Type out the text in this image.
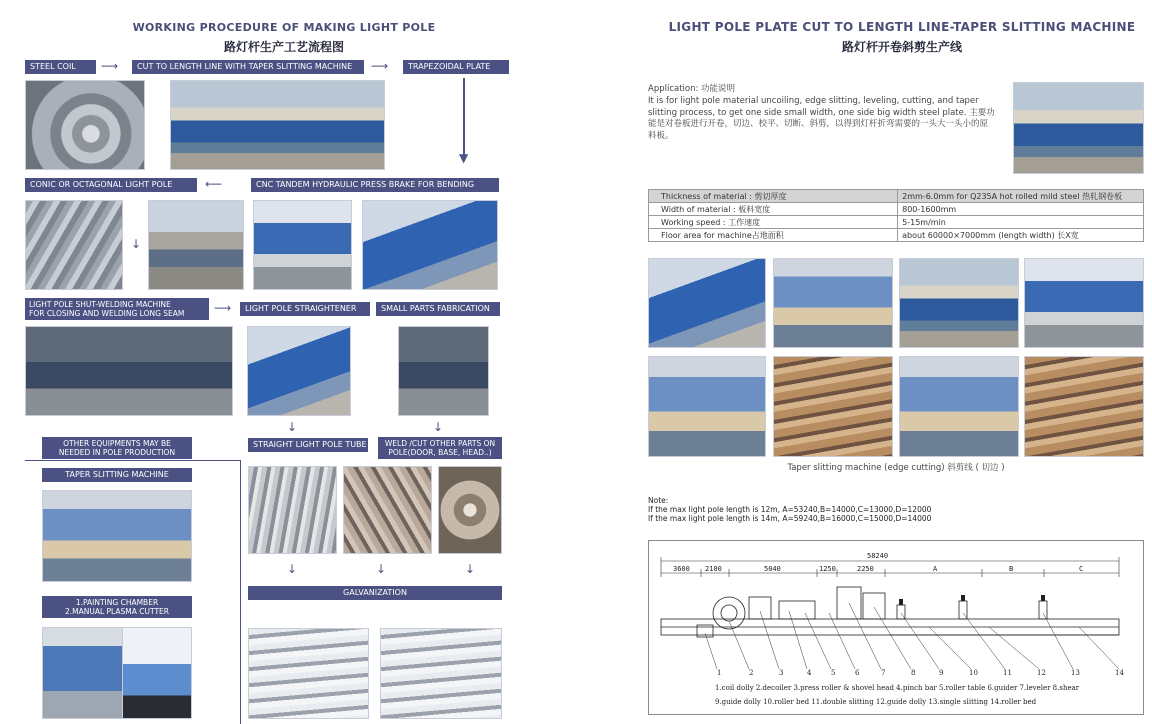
WORKING PROCEDURE OF MAKING LIGHT POLE
路灯杆生产工艺流程图
STEEL COIL	⟶	CUT TO LENGTH LINE WITH TAPER SLITTING MACHINE	⟶	TRAPEZOIDAL PLATE
▼
CONIC OR OCTAGONAL LIGHT POLE	⟵	CNC TANDEM HYDRAULIC PRESS BRAKE FOR BENDING
↓
LIGHT POLE SHUT-WELDING MACHINE
FOR CLOSING AND WELDING LONG SEAM	⟶	LIGHT POLE STRAIGHTENER	SMALL PARTS FABRICATION
↓	↓
OTHER EQUIPMENTS MAY BE
NEEDED IN POLE PRODUCTION
STRAIGHT LIGHT POLE TUBE	WELD /CUT OTHER PARTS ON
POLE(DOOR, BASE, HEAD..)
TAPER SLITTING MACHINE
1.PAINTING CHAMBER
2.MANUAL PLASMA CUTTER
↓	↓	↓
GALVANIZATION
LIGHT POLE PLATE CUT TO LENGTH LINE-TAPER SLITTING MACHINE
路灯杆开卷斜剪生产线
Application: 功能说明
It is for light pole material uncoiling, edge slitting, leveling, cutting, and taper
slitting process, to get one side small width, one side big width steel plate. 主要功
能是对卷板进行开卷，切边、校平、切断、斜剪，以得到灯杆折弯需要的一头大一头小的原
料板。
Thickness of material : 剪切厚度	2mm-6.0mm for Q235A hot rolled mild steel 热轧钢卷板
Width of material : 板料宽度	800-1600mm
Working speed : 工作速度	5-15m/min
Floor area for machine占地面积	about 60000×7000mm (length width) 长X宽
Taper slitting machine (edge cutting) 斜剪线 ( 切边 )
Note:
If the max light pole length is 12m, A=53240,B=14000,C=13000,D=12000
If the max light pole length is 14m, A=59240,B=16000,C=15000,D=14000
58240
3600 2100	5040	1250	2250	A	B	C
1	2	3	4	5	6	7	8	9	10	11	12	13	14
1.coil dolly 2.decoiler 3.press roller & shovel head 4.pinch bar 5.roller table 6.guider 7.leveler 8.shear
9.guide dolly 10.roller bed 11.double slitting 12.guide dolly 13.single slitting 14.roller bed
